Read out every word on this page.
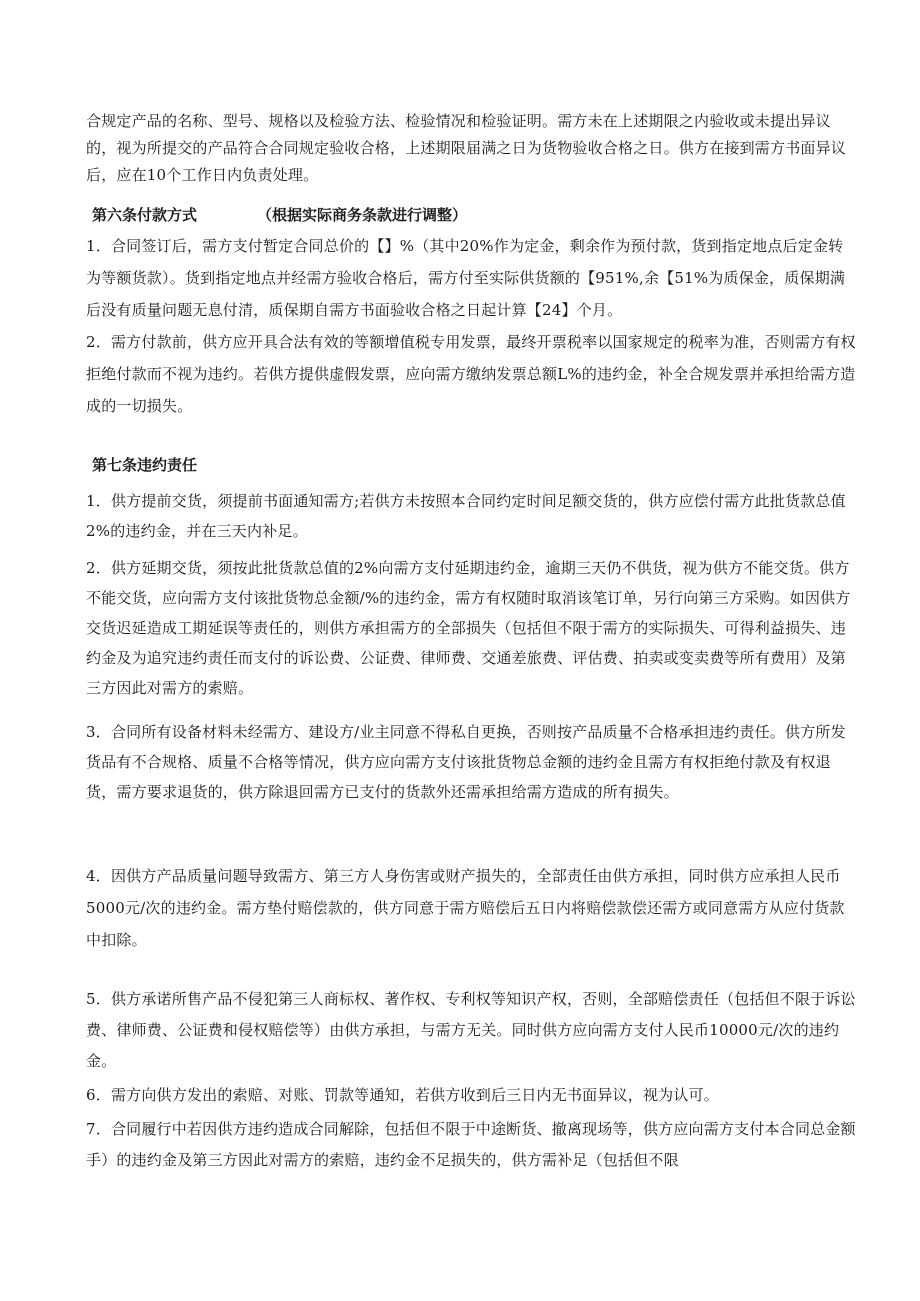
合规定产品的名称、型号、规格以及检验方法、检验情况和检验证明。需方未在上述期限之内验收或未提出异议的，视为所提交的产品符合合同规定验收合格，上述期限届满之日为货物验收合格之日。供方在接到需方书面异议后，应在10个工作日内负责处理。

第六条付款方式	（根据实际商务条款进行调整）

1．合同签订后，需方支付暂定合同总价的【】%（其中20%作为定金，剩余作为预付款，货到指定地点后定金转为等额货款）。货到指定地点并经需方验收合格后，需方付至实际供货额的【951%,余【51%为质保金，质保期满后没有质量问题无息付清，质保期自需方书面验收合格之日起计算【24】个月。

2．需方付款前，供方应开具合法有效的等额增值税专用发票，最终开票税率以国家规定的税率为准，否则需方有权拒绝付款而不视为违约。若供方提供虚假发票，应向需方缴纳发票总额L%的违约金，补全合规发票并承担给需方造成的一切损失。

第七条违约责任

1．供方提前交货，须提前书面通知需方;若供方未按照本合同约定时间足额交货的，供方应偿付需方此批货款总值2%的违约金，并在三天内补足。

2．供方延期交货，须按此批货款总值的2%向需方支付延期违约金，逾期三天仍不供货，视为供方不能交货。供方不能交货，应向需方支付该批货物总金额/%的违约金，需方有权随时取消该笔订单，另行向第三方采购。如因供方交货迟延造成工期延误等责任的，则供方承担需方的全部损失（包括但不限于需方的实际损失、可得利益损失、违约金及为追究违约责任而支付的诉讼费、公证费、律师费、交通差旅费、评估费、拍卖或变卖费等所有费用）及第三方因此对需方的索赔。

3．合同所有设备材料未经需方、建设方/业主同意不得私自更换，否则按产品质量不合格承担违约责任。供方所发货品有不合规格、质量不合格等情况，供方应向需方支付该批货物总金额的违约金且需方有权拒绝付款及有权退货，需方要求退货的，供方除退回需方已支付的货款外还需承担给需方造成的所有损失。

4．因供方产品质量问题导致需方、第三方人身伤害或财产损失的，全部责任由供方承担，同时供方应承担人民币5000元/次的违约金。需方垫付赔偿款的，供方同意于需方赔偿后五日内将赔偿款偿还需方或同意需方从应付货款中扣除。

5．供方承诺所售产品不侵犯第三人商标权、著作权、专利权等知识产权，否则，全部赔偿责任（包括但不限于诉讼费、律师费、公证费和侵权赔偿等）由供方承担，与需方无关。同时供方应向需方支付人民币10000元/次的违约金。

6．需方向供方发出的索赔、对账、罚款等通知，若供方收到后三日内无书面异议，视为认可。

7．合同履行中若因供方违约造成合同解除，包括但不限于中途断货、撤离现场等，供方应向需方支付本合同总金额手）的违约金及第三方因此对需方的索赔，违约金不足损失的，供方需补足（包括但不限
